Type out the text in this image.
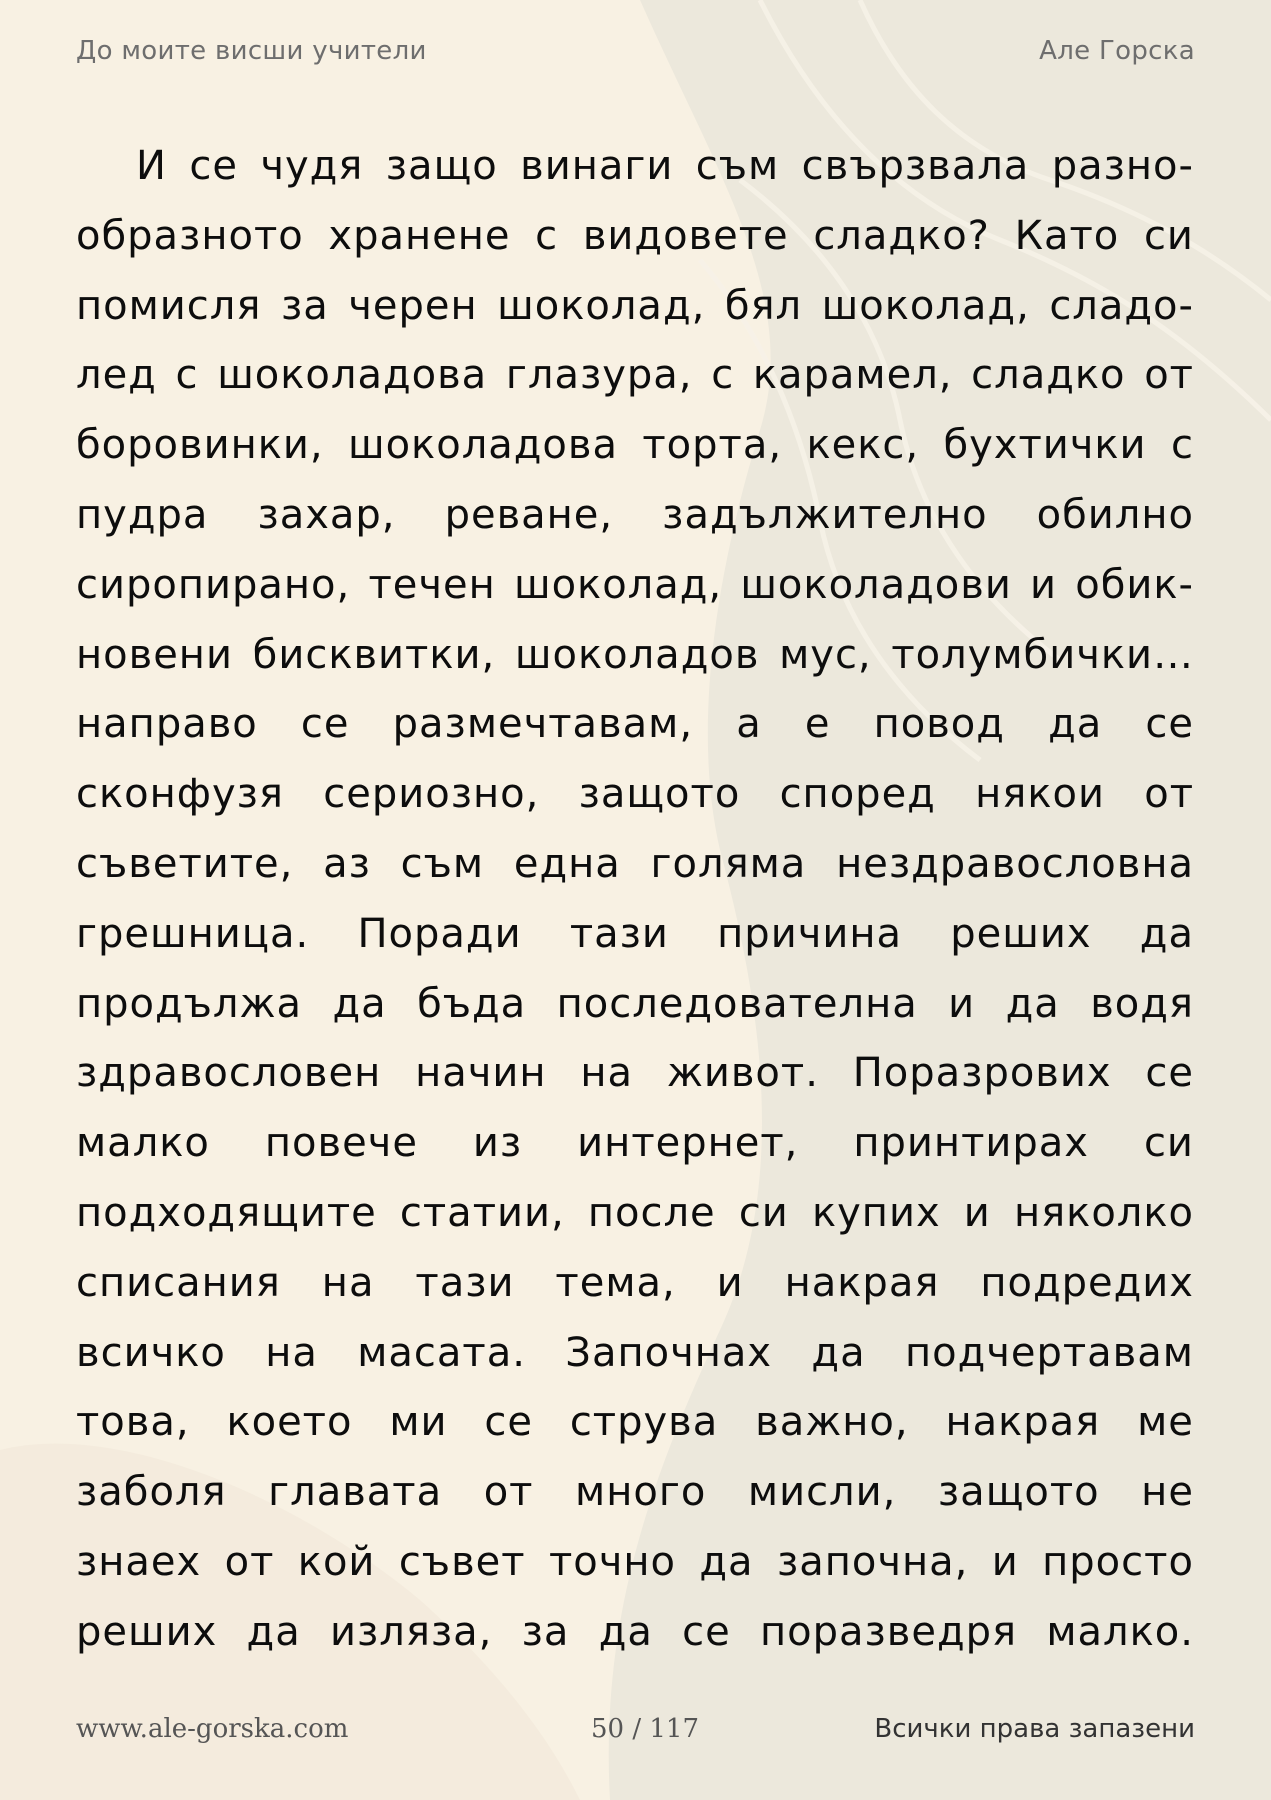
До моите висши учители	Але Горска
И се чудя защо винаги съм свързвала разно-
образното хранене с видовете сладко? Като си
помисля за черен шоколад, бял шоколад, сладо-
лед с шоколадова глазура, с карамел, сладко от
боровинки, шоколадова торта, кекс, бухтички с
пудра захар, реване, задължително обилно
сиропирано, течен шоколад, шоколадови и обик-
новени бисквитки, шоколадов мус, толумбички…
направо се размечтавам, а е повод да се
сконфузя сериозно, защото според някои от
съветите, аз съм една голяма нездравословна
грешница. Поради тази причина реших да
продължа да бъда последователна и да водя
здравословен начин на живот. Поразрових се
малко повече из интернет, принтирах си
подходящите статии, после си купих и няколко
списания на тази тема, и накрая подредих
всичко на масата. Започнах да подчертавам
това, което ми се струва важно, накрая ме
заболя главата от много мисли, защото не
знаех от кой съвет точно да започна, и просто
реших да изляза, за да се поразведря малко.
www.ale-gorska.com	50 / 117	Всички права запазени
